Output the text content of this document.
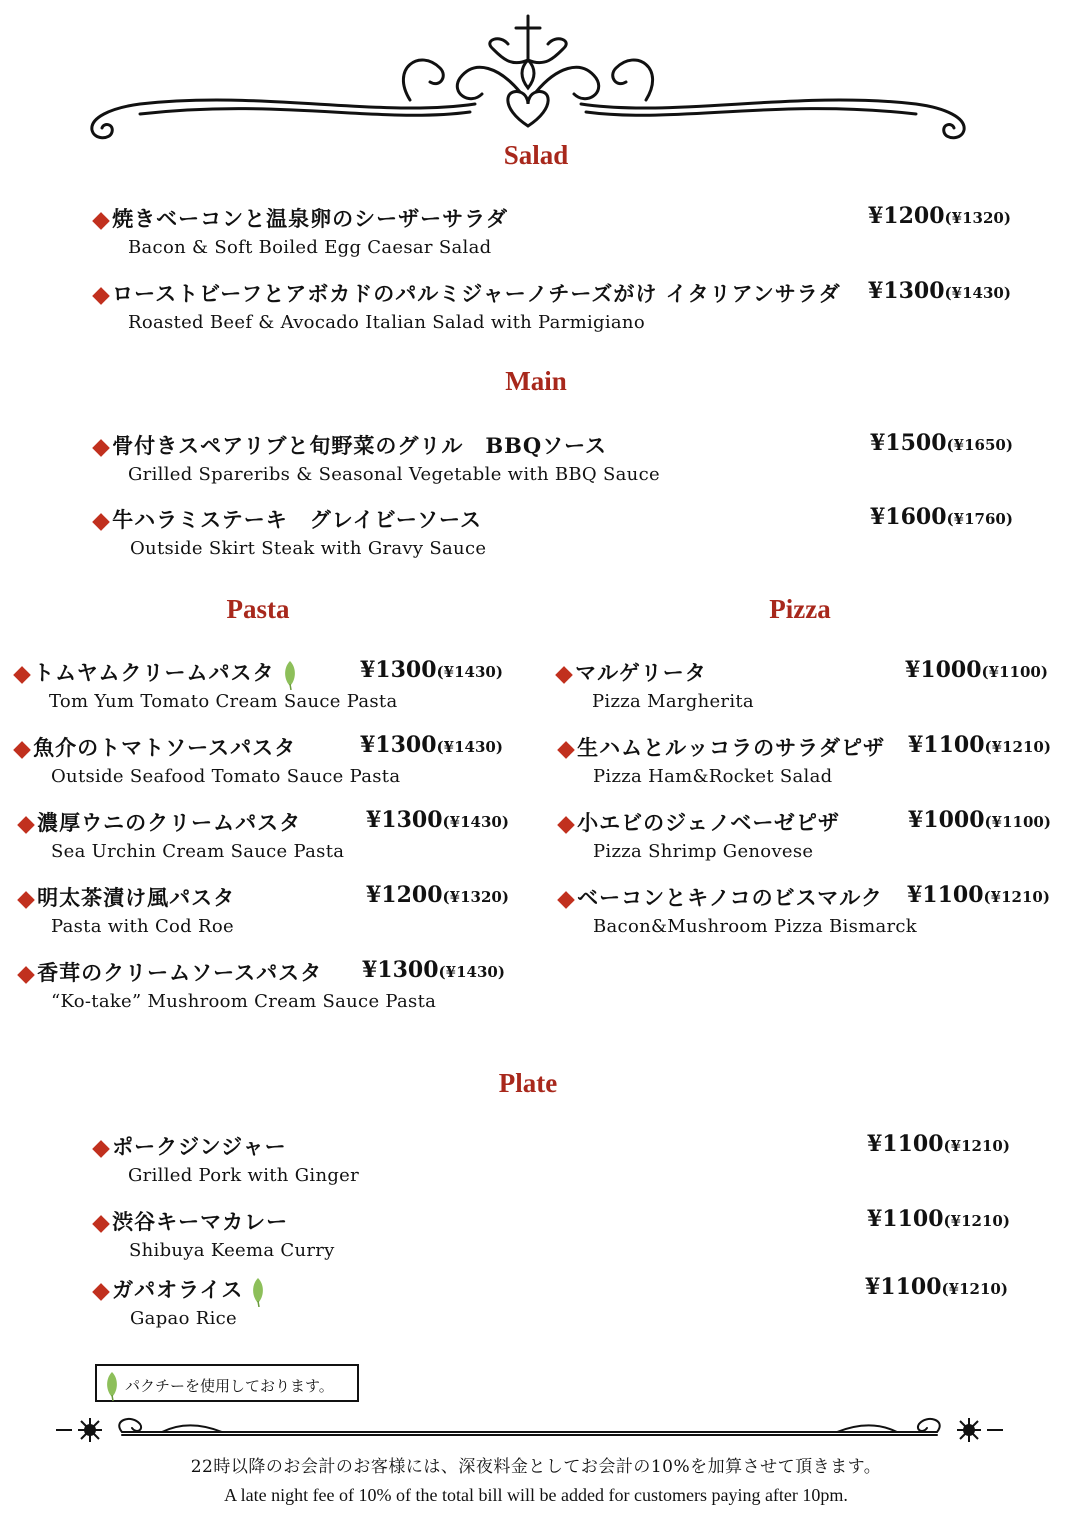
Salad
◆焼きベーコンと温泉卵のシーザーサラダ
Bacon & Soft Boiled Egg Caesar Salad
¥1200(¥1320)
◆ローストビーフとアボカドのパルミジャーノチーズがけ イタリアンサラダ
Roasted Beef & Avocado Italian Salad with Parmigiano
¥1300(¥1430)
Main
◆骨付きスペアリブと旬野菜のグリル　BBQソース
Grilled Spareribs & Seasonal Vegetable with BBQ Sauce
¥1500(¥1650)
◆牛ハラミステーキ　グレイビーソース
Outside Skirt Steak with Gravy Sauce
¥1600(¥1760)
Pasta	Pizza
◆トムヤムクリームパスタ
Tom Yum Tomato Cream Sauce Pasta
¥1300(¥1430)
◆魚介のトマトソースパスタ
Outside Seafood Tomato Sauce Pasta
¥1300(¥1430)
◆濃厚ウニのクリームパスタ
Sea Urchin Cream Sauce Pasta
¥1300(¥1430)
◆明太茶漬け風パスタ
Pasta with Cod Roe
¥1200(¥1320)
◆香茸のクリームソースパスタ
“Ko-take” Mushroom Cream Sauce Pasta
¥1300(¥1430)
◆マルゲリータ
Pizza Margherita
¥1000(¥1100)
◆生ハムとルッコラのサラダピザ
Pizza Ham&Rocket Salad
¥1100(¥1210)
◆小エビのジェノベーゼピザ
Pizza Shrimp Genovese
¥1000(¥1100)
◆ベーコンとキノコのビスマルク
Bacon&Mushroom Pizza Bismarck
¥1100(¥1210)
Plate
◆ポークジンジャー
Grilled Pork with Ginger
¥1100(¥1210)
◆渋谷キーマカレー
Shibuya Keema Curry
¥1100(¥1210)
◆ガパオライス
Gapao Rice
¥1100(¥1210)
パクチーを使用しております。
22時以降のお会計のお客様には、深夜料金としてお会計の10%を加算させて頂きます。
A late night fee of 10% of the total bill will be added for customers paying after 10pm.
